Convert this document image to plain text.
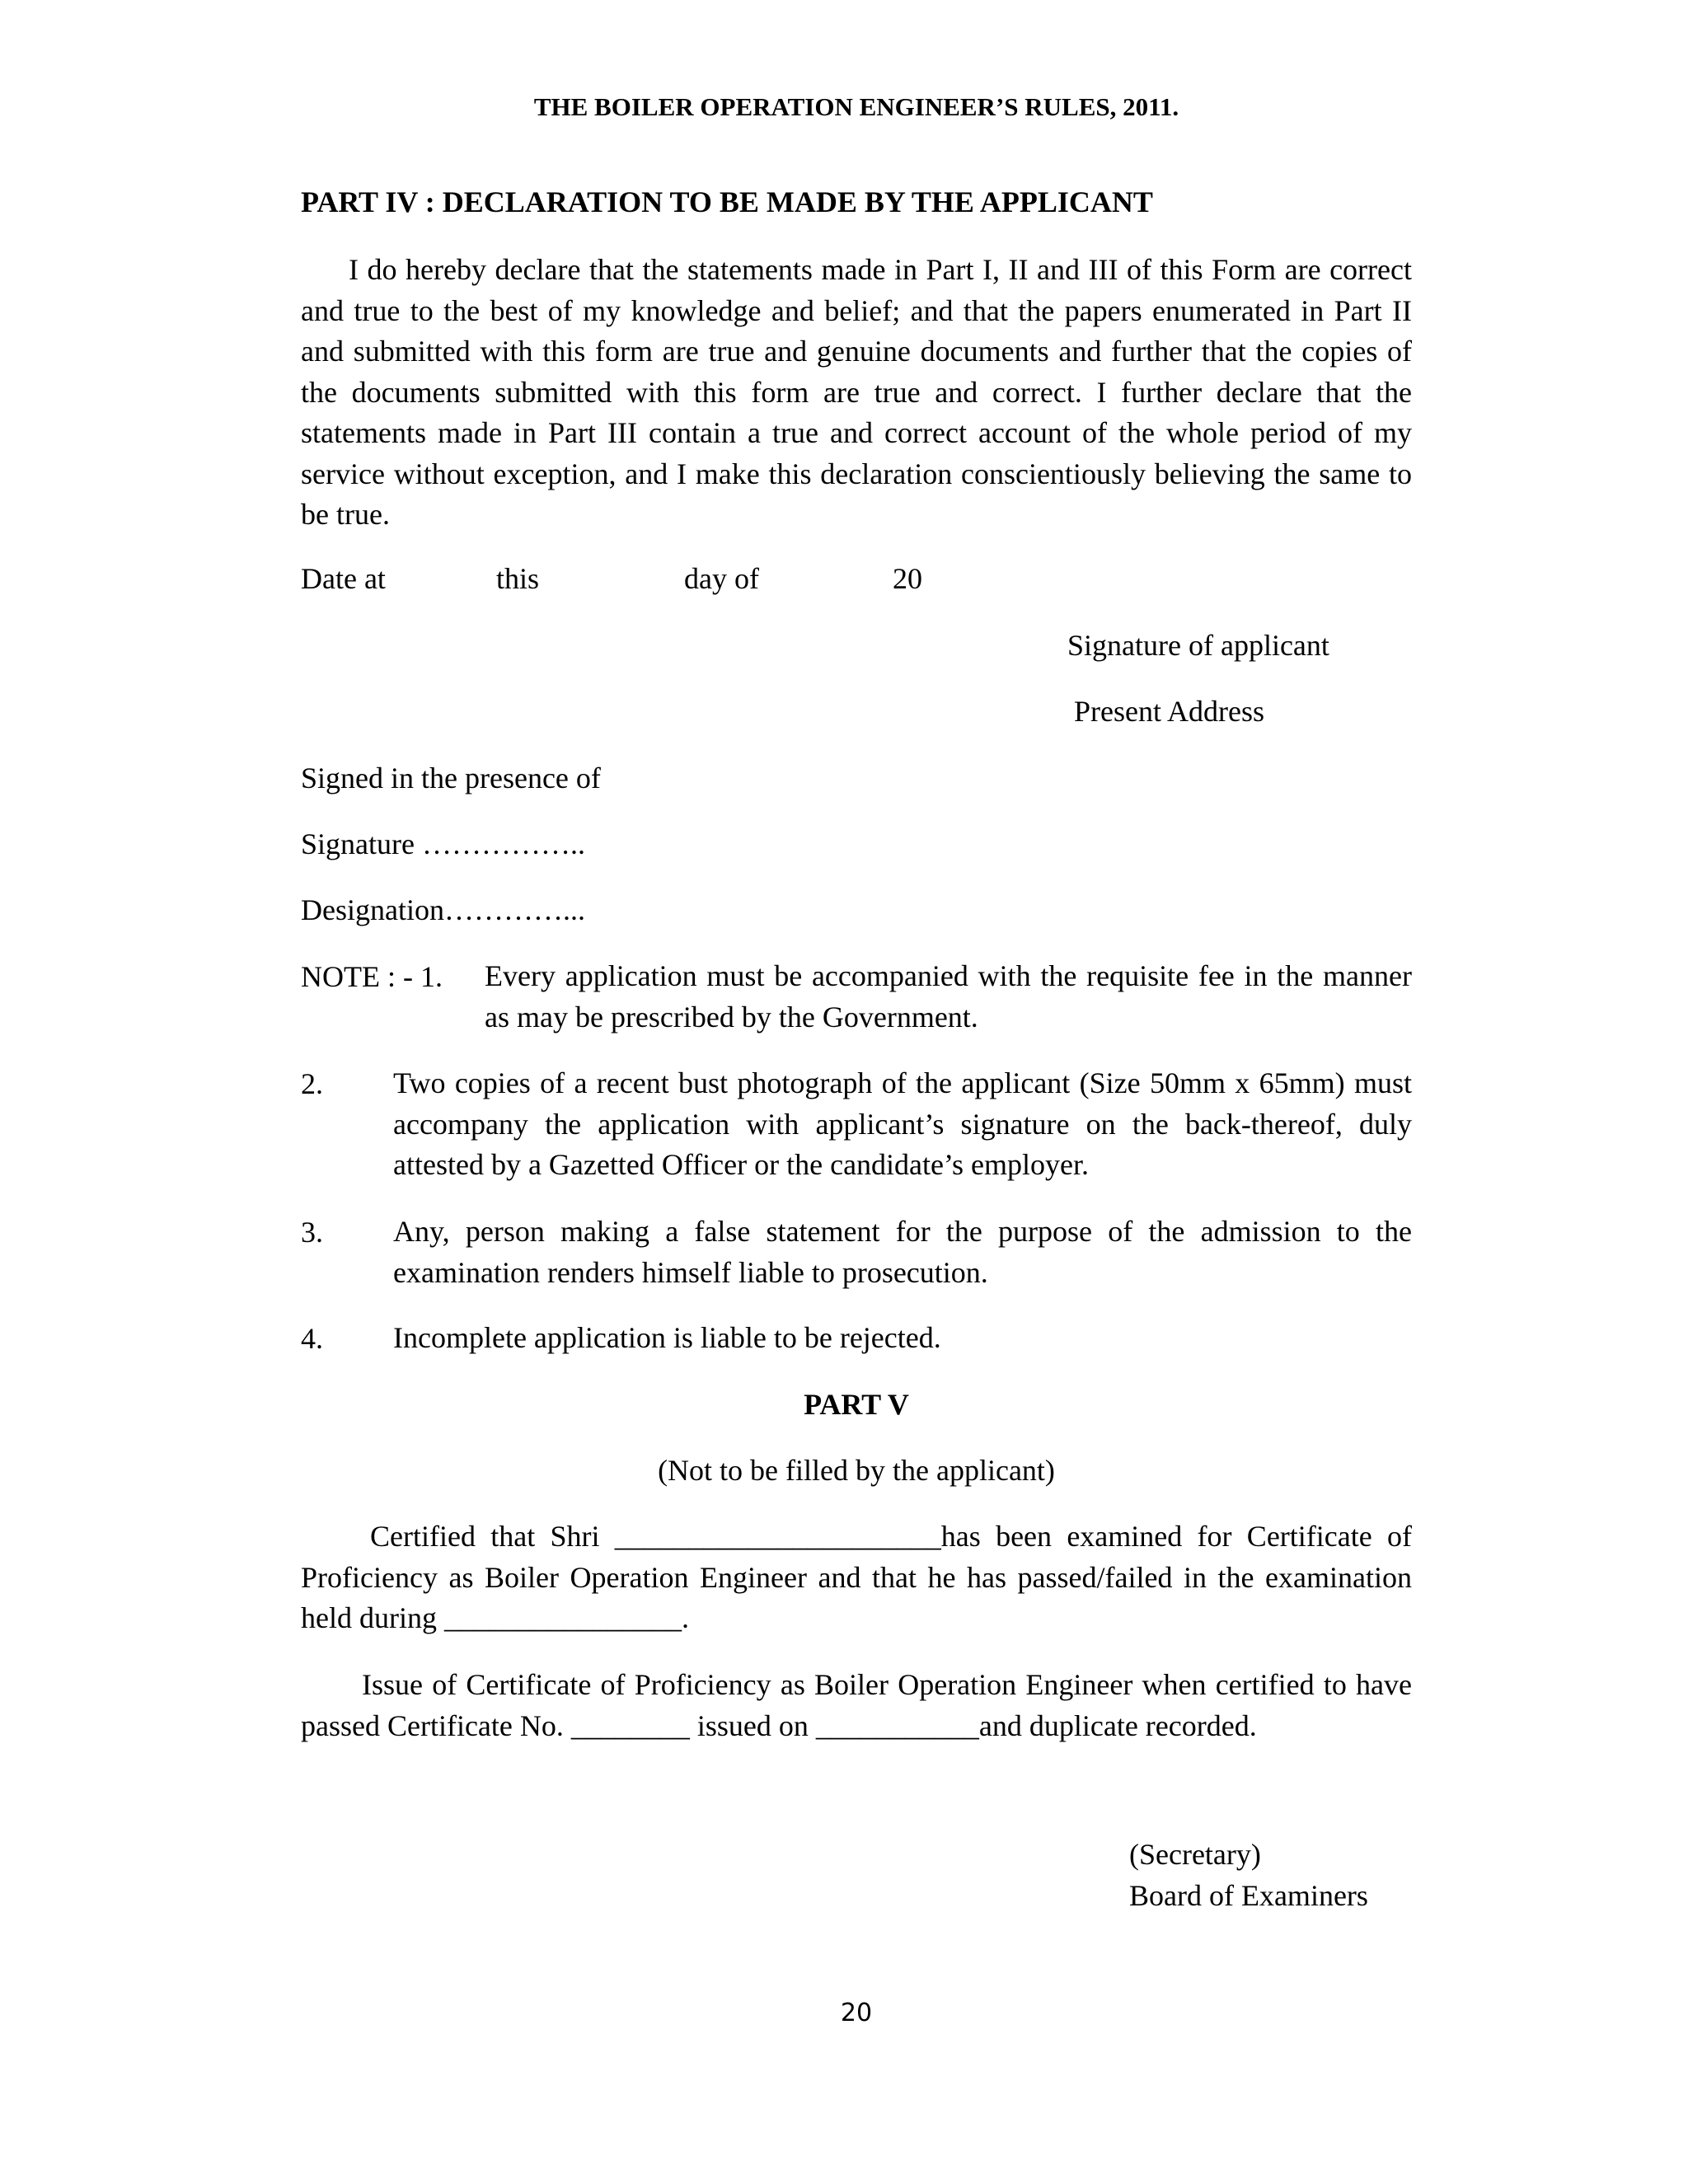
THE BOILER OPERATION ENGINEER’S RULES, 2011.
PART IV : DECLARATION TO BE MADE BY THE APPLICANT

I do hereby declare that the statements made in Part I, II and III of this Form are correct and true to the best of my knowledge and belief; and that the papers enumerated in Part II and submitted with this form are true and genuine documents and further that the copies of the documents submitted with this form are true and correct. I further declare that the statements made in Part III contain a true and correct account of the whole period of my service without exception, and I make this declaration conscientiously believing the same to be true.

Date at	this	day of	20
Signature of applicant
Present Address
Signed in the presence of
Signature ……………..
Designation…………...
NOTE : - 1. Every application must be accompanied with the requisite fee in the manner as may be prescribed by the Government.

2. Two copies of a recent bust photograph of the applicant (Size 50mm x 65mm) must accompany the application with applicant’s signature on the back-thereof, duly attested by a Gazetted Officer or the candidate’s employer.

3. Any, person making a false statement for the purpose of the admission to the examination renders himself liable to prosecution.

4. Incomplete application is liable to be rejected.

PART V
(Not to be filled by the applicant)

Certified that Shri ______________________has been examined for Certificate of Proficiency as Boiler Operation Engineer and that he has passed/failed in the examination held during ________________.

Issue of Certificate of Proficiency as Boiler Operation Engineer when certified to have passed Certificate No. ________ issued on ___________and duplicate recorded.

(Secretary)
Board of Examiners
20
